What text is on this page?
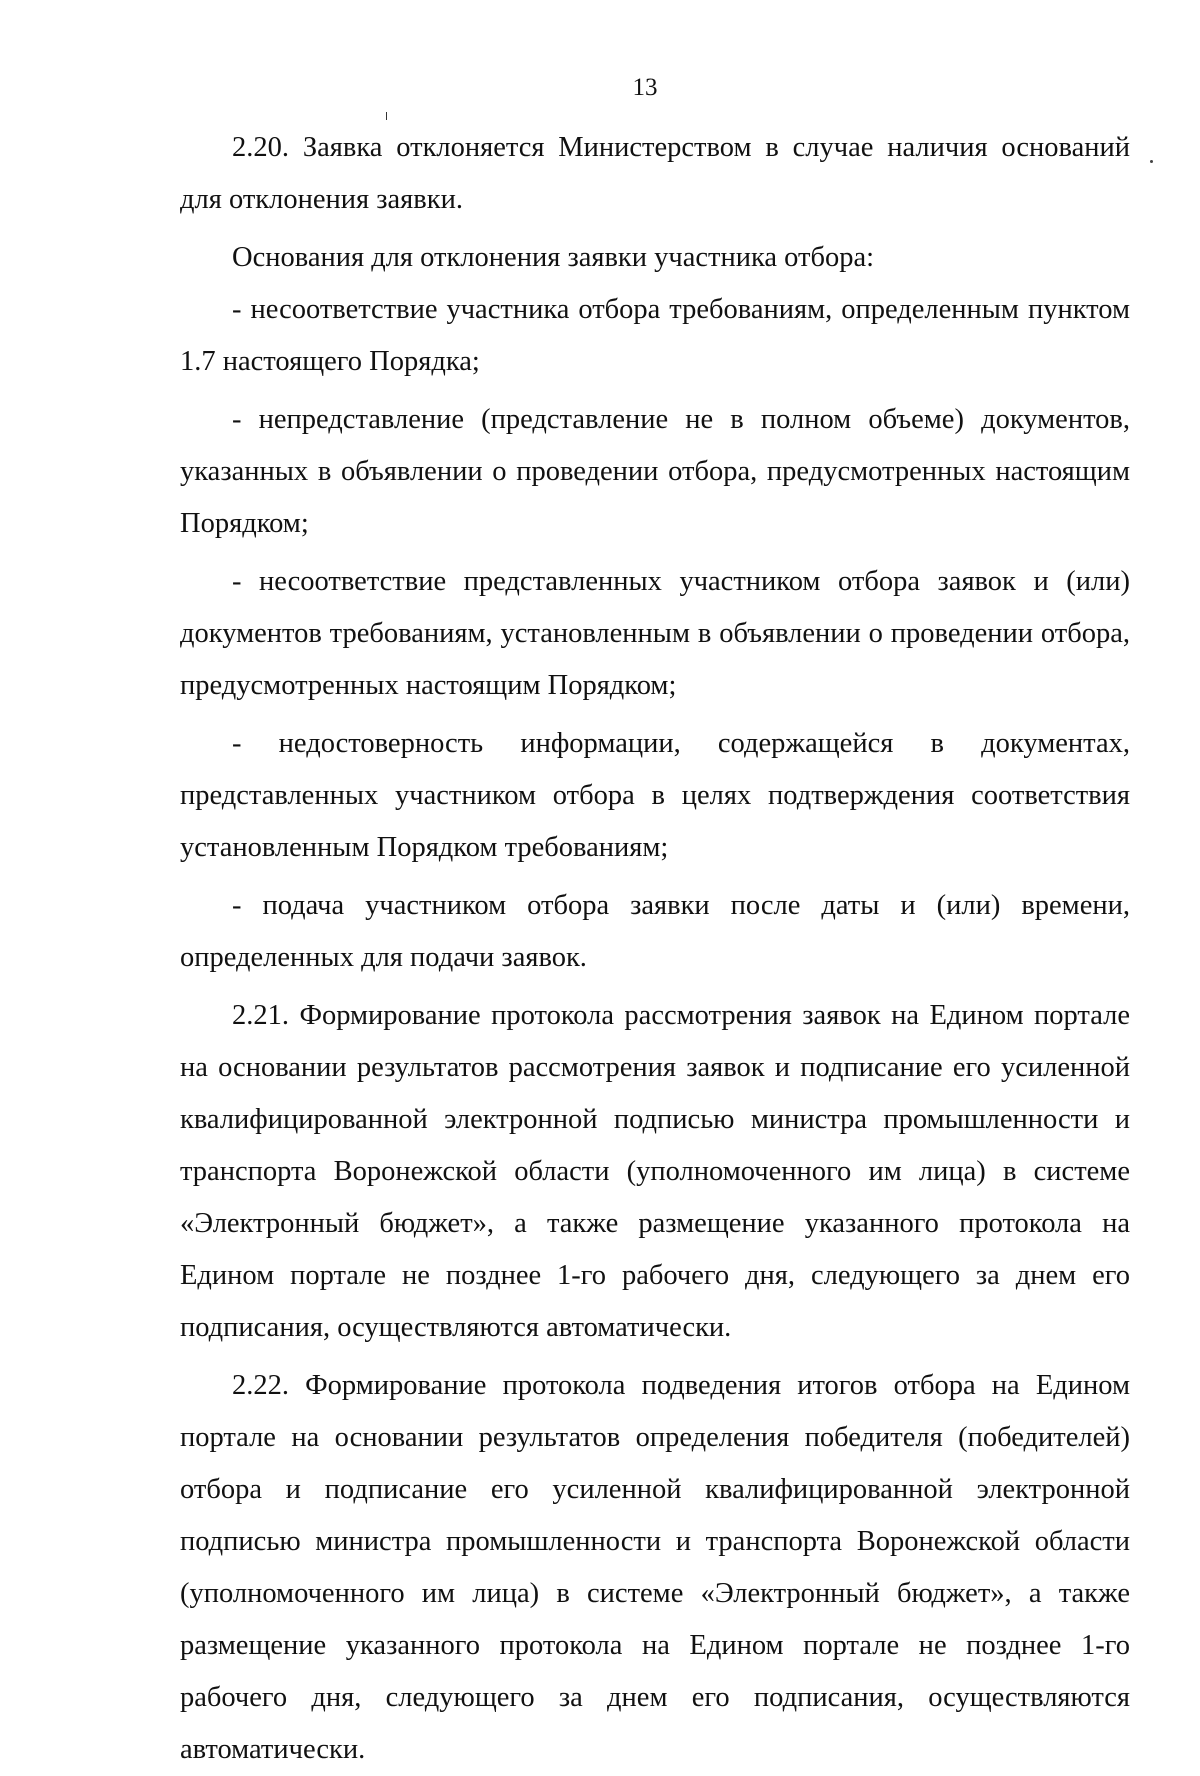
13

2.20. Заявка отклоняется Министерством в случае наличия оснований для отклонения заявки.

Основания для отклонения заявки участника отбора:

- несоответствие участника отбора требованиям, определенным пунктом 1.7 настоящего Порядка;

- непредставление (представление не в полном объеме) документов, указанных в объявлении о проведении отбора, предусмотренных настоящим Порядком;

- несоответствие представленных участником отбора заявок и (или) документов требованиям, установленным в объявлении о проведении отбора, предусмотренных настоящим Порядком;

- недостоверность информации, содержащейся в документах, представленных участником отбора в целях подтверждения соответствия установленным Порядком требованиям;

- подача участником отбора заявки после даты и (или) времени, определенных для подачи заявок.

2.21. Формирование протокола рассмотрения заявок на Едином портале на основании результатов рассмотрения заявок и подписание его усиленной квалифицированной электронной подписью министра промышленности и транспорта Воронежской области (уполномоченного им лица) в системе «Электронный бюджет», а также размещение указанного протокола на Едином портале не позднее 1-го рабочего дня, следующего за днем его подписания, осуществляются автоматически.

2.22. Формирование протокола подведения итогов отбора на Едином портале на основании результатов определения победителя (победителей) отбора и подписание его усиленной квалифицированной электронной подписью министра промышленности и транспорта Воронежской области (уполномоченного им лица) в системе «Электронный бюджет», а также размещение указанного протокола на Едином портале не позднее 1-го рабочего дня, следующего за днем его подписания, осуществляются автоматически.
